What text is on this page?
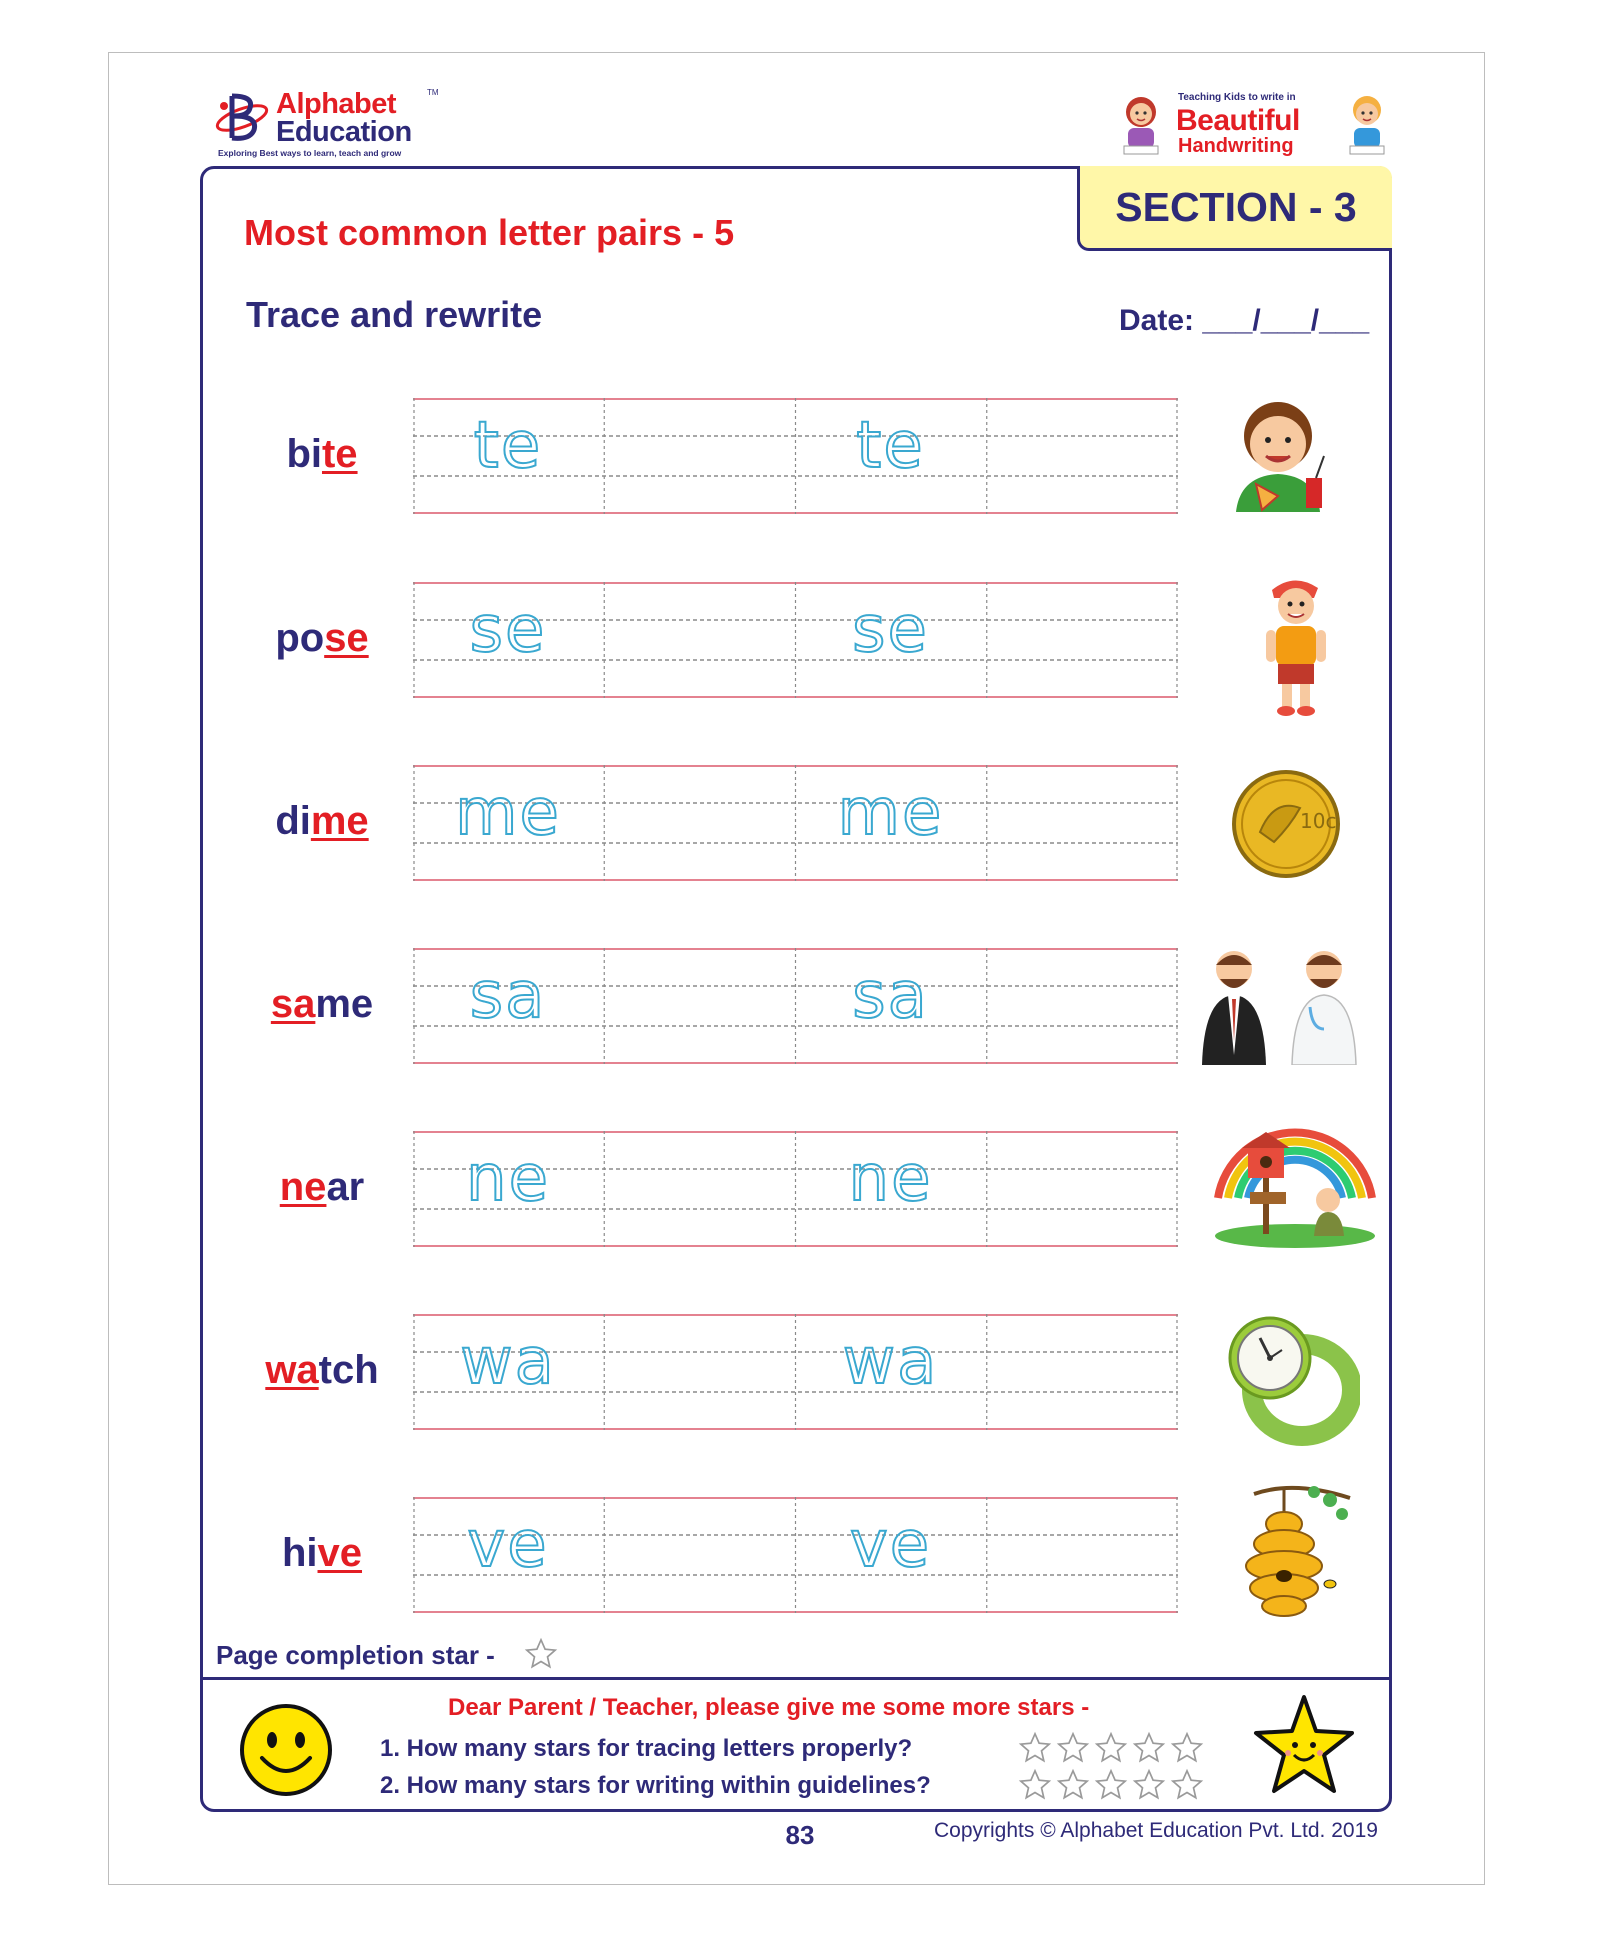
Alphabet
Education
TM
Exploring Best ways to learn, teach and grow
Teaching Kids to write in
Beautiful
Handwriting
SECTION - 3
Most common letter pairs - 5
Trace and rewrite	Date: ___/___/___
bite	te	te
pose	se	se
dime	me	me	10c
same	sa	sa
near	ne	ne
watch	wa	wa
hive	ve	ve
Page completion star -
Dear Parent / Teacher, please give me some more stars -
1. How many stars for tracing letters properly?
2. How many stars for writing within guidelines?
83	Copyrights © Alphabet Education Pvt. Ltd. 2019
